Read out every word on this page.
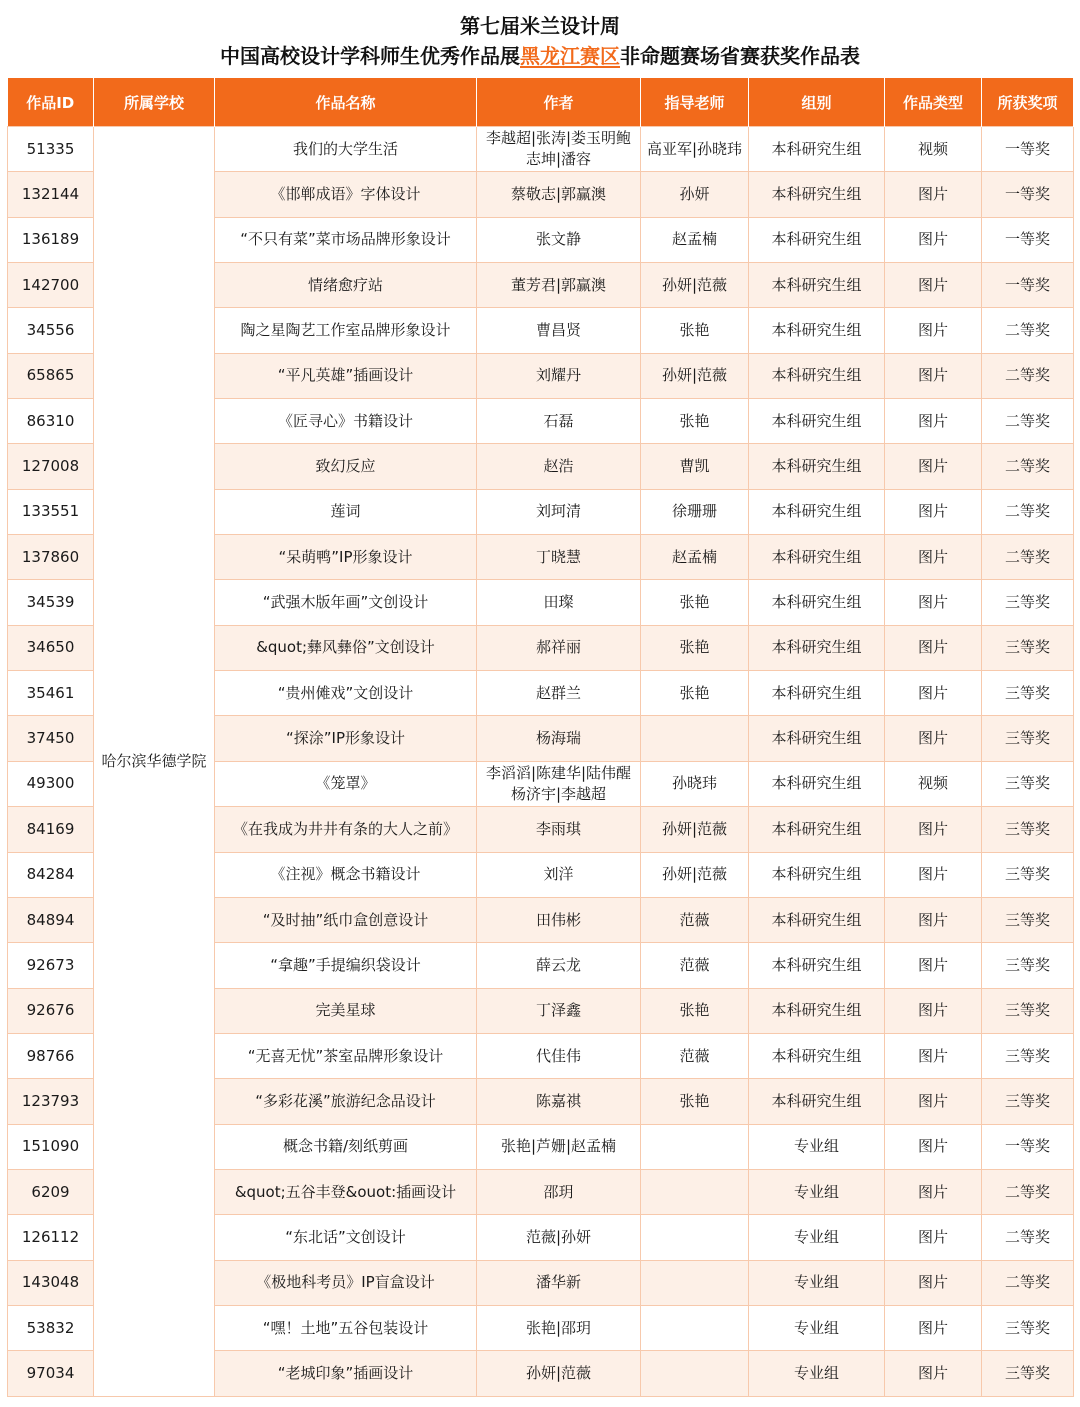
第七届米兰设计周
中国高校设计学科师生优秀作品展黑龙江赛区非命题赛场省赛获奖作品表
作品ID	所属学校	作品名称	作者	指导老师	组别	作品类型	所获奖项
51335	哈尔滨华德学院	我们的大学生活	李越超|张涛|娄玉明鲍志坤|潘容	高亚军|孙晓玮	本科研究生组	视频	一等奖
132144		《邯郸成语》字体设计	蔡敬志|郭赢澳	孙妍	本科研究生组	图片	一等奖
136189		“不只有菜”菜市场品牌形象设计	张文静	赵孟楠	本科研究生组	图片	一等奖
142700		情绪愈疗站	董芳君|郭赢澳	孙妍|范薇	本科研究生组	图片	一等奖
34556		陶之星陶艺工作室品牌形象设计	曹昌贤	张艳	本科研究生组	图片	二等奖
65865		“平凡英雄”插画设计	刘耀丹	孙妍|范薇	本科研究生组	图片	二等奖
86310		《匠寻心》书籍设计	石磊	张艳	本科研究生组	图片	二等奖
127008		致幻反应	赵浩	曹凯	本科研究生组	图片	二等奖
133551		莲词	刘珂清	徐珊珊	本科研究生组	图片	二等奖
137860		“呆萌鸭”IP形象设计	丁晓慧	赵孟楠	本科研究生组	图片	二等奖
34539		“武强木版年画”文创设计	田璨	张艳	本科研究生组	图片	三等奖
34650		&quot;彝风彝俗”文创设计	郝祥丽	张艳	本科研究生组	图片	三等奖
35461		“贵州傩戏”文创设计	赵群兰	张艳	本科研究生组	图片	三等奖
37450		“探涂”IP形象设计	杨海瑞		本科研究生组	图片	三等奖
49300		《笼罩》	李滔滔|陈建华|陆伟醒杨济宇|李越超	孙晓玮	本科研究生组	视频	三等奖
84169		《在我成为井井有条的大人之前》	李雨琪	孙妍|范薇	本科研究生组	图片	三等奖
84284		《注视》概念书籍设计	刘洋	孙妍|范薇	本科研究生组	图片	三等奖
84894		“及时抽”纸巾盒创意设计	田伟彬	范薇	本科研究生组	图片	三等奖
92673		“拿趣”手提编织袋设计	薛云龙	范薇	本科研究生组	图片	三等奖
92676		完美星球	丁泽鑫	张艳	本科研究生组	图片	三等奖
98766		“无喜无忧”茶室品牌形象设计	代佳伟	范薇	本科研究生组	图片	三等奖
123793		“多彩花溪”旅游纪念品设计	陈嘉祺	张艳	本科研究生组	图片	三等奖
151090		概念书籍/刻纸剪画	张艳|芦姗|赵孟楠		专业组	图片	一等奖
6209		&quot;五谷丰登&ouot:插画设计	邵玥		专业组	图片	二等奖
126112		“东北话”文创设计	范薇|孙妍		专业组	图片	二等奖
143048		《极地科考员》IP盲盒设计	潘华新		专业组	图片	二等奖
53832		“嘿！土地”五谷包装设计	张艳|邵玥		专业组	图片	三等奖
97034		“老城印象”插画设计	孙妍|范薇		专业组	图片	三等奖
